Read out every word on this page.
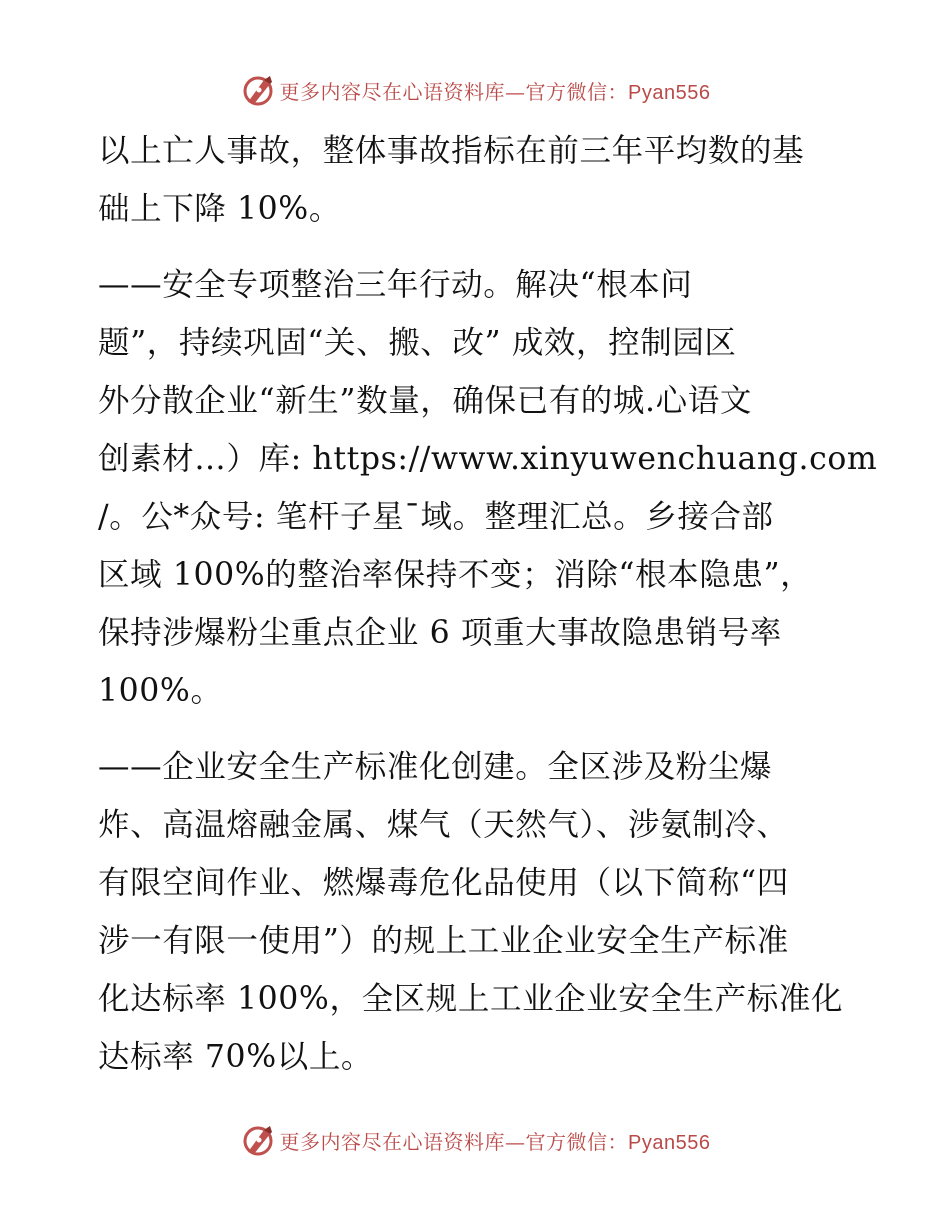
更多内容尽在心语资料库—官方微信：Pyan556
以上亡人事故，整体事故指标在前三年平均数的基
础上下降 10%。
——安全专项整治三年行动。解决“根本问
题”，持续巩固“关、搬、改” 成效，控制园区
外分散企业“新生”数量，确保已有的城.心语文
创素材…）库: https://www.xinyuwenchuang.com
/。公*众号: 笔杆子星¯域。整理汇总。乡接合部
区域 100%的整治率保持不变；消除“根本隐患”，
保持涉爆粉尘重点企业 6 项重大事故隐患销号率
100%。
——企业安全生产标准化创建。全区涉及粉尘爆
炸、高温熔融金属、煤气（天然气）、涉氨制冷、
有限空间作业、燃爆毒危化品使用（以下简称“四
涉一有限一使用”）的规上工业企业安全生产标准
化达标率 100%，全区规上工业企业安全生产标准化
达标率 70%以上。
更多内容尽在心语资料库—官方微信：Pyan556
